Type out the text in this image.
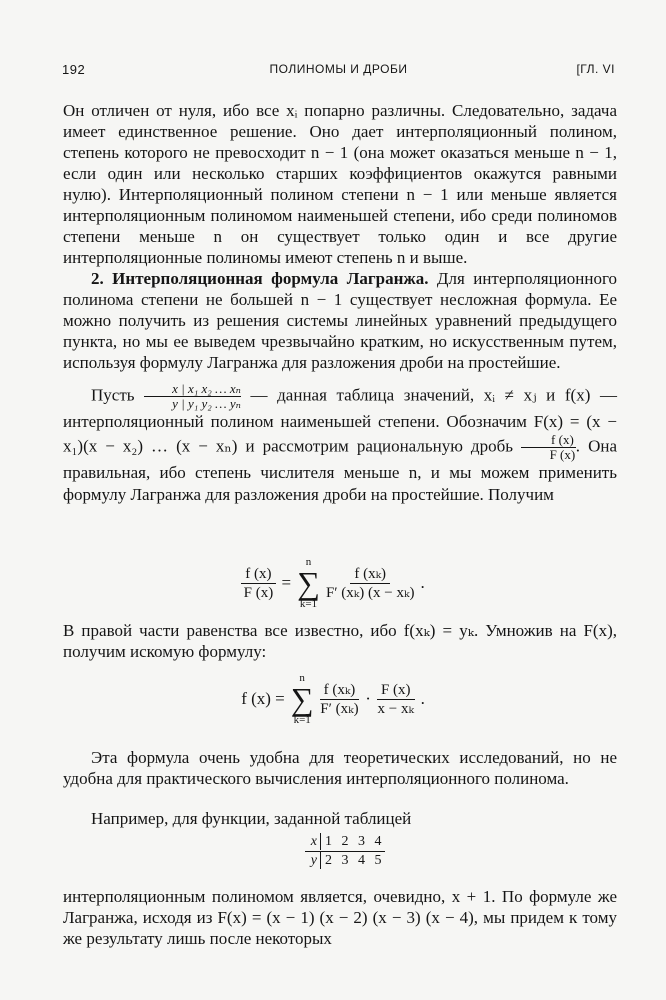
192	ПОЛИНОМЫ И ДРОБИ	[ГЛ. VI
Он отличен от нуля, ибо все xᵢ попарно различны. Следовательно, задача имеет единственное решение. Оно дает интерполяционный полином, степень которого не превосходит n − 1 (она может оказаться меньше n − 1, если один или несколько старших коэффициентов окажутся равными нулю). Интерполяционный полином степени n − 1 или меньше является интерполяционным полиномом наименьшей степени, ибо среди полиномов степени меньше n он существует только один и все другие интерполяционные полиномы имеют степень n и выше.
2. Интерполяционная формула Лагранжа. Для интерполяционного полинома степени не большей n − 1 существует несложная формула. Ее можно получить из решения системы линейных уравнений предыдущего пункта, но мы ее выведем чрезвычайно кратким, но искусственным путем, используя формулу Лагранжа для разложения дроби на простейшие.
Пусть $\frac{\text{x | x₁ x₂ … xₙ}}{\text{y | y₁ y₂ … yₙ}}$ — данная таблица значений, xᵢ ≠ xⱼ и f(x) — интерполяционный полином наименьшей степени. Обозначим F(x) = (x − x₁)(x − x₂) … (x − xₙ) и рассмотрим рациональную дробь $\frac{f (x)}{F (x)}$ . Она правильная, ибо степень числителя меньше n, и мы можем применить формулу Лагранжа для разложения дроби на простейшие. Получим
$\frac{f (x)}{F (x)}$ =
n
∑
k=1
$\frac{\text{f (xₖ)}}{\text{F′ (xₖ) (x − xₖ)}}$ .
В правой части равенства все известно, ибо f(xₖ) = yₖ. Умножив на F(x), получим искомую формулу:
f (x) =
n
∑
k=1
$\frac{\text{f (xₖ)}}{\text{F′ (xₖ)}} \cdot \frac{F (x)}{\text{x − xₖ}}$ .
Эта формула очень удобна для теоретических исследований, но не удобна для практического вычисления интерполяционного полинома.
Например, для функции, заданной таблицей
x 1 2 3 4
y 2 3 4 5
интерполяционным полиномом является, очевидно, x + 1. По формуле же Лагранжа, исходя из F(x) = (x − 1) (x − 2) (x − 3) (x − 4), мы придем к тому же результату лишь после некоторых
